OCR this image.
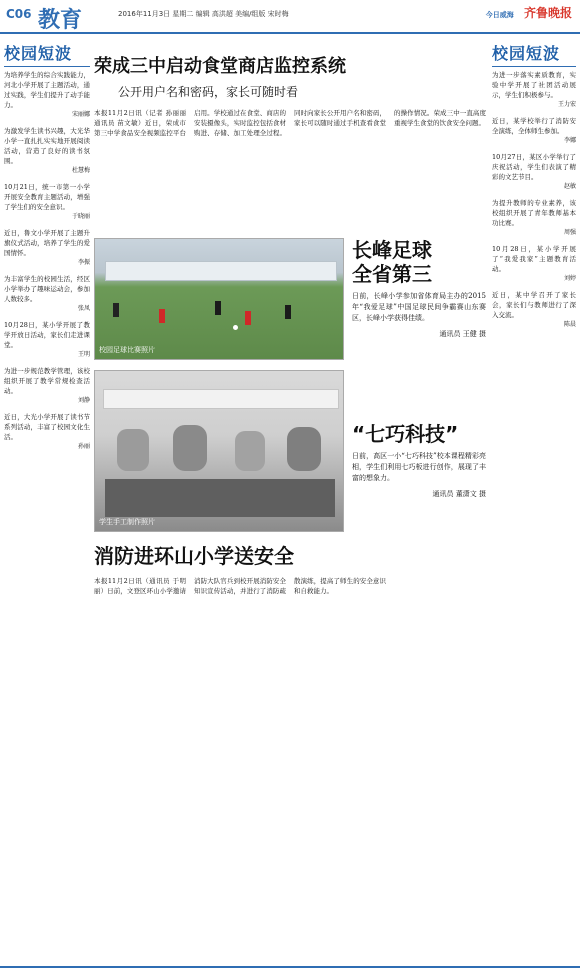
C06 教育	2016年11月3日 星期二 编辑 高洪超 美编/组版 宋时梅	今日威海 齐鲁晚报
校园短波
为培养学生的综合实践能力，河北小学开展了主题活动，通过实践，学生们提升了动手能力。
宋丽娜
为激发学生读书兴趣，大光华小学一直扎扎实实地开展阅读活动，营造了良好的读书氛围。
杜慧梅
10月21日，统一市第一小学开展安全教育主题活动，增强了学生们的安全意识。
于晓丽
近日，鲁文小学开展了主题升旗仪式活动，培养了学生的爱国情怀。
李振
为丰富学生的校园生活，经区小学举办了趣味运动会，参加人数较多。
张凤
10月28日，某小学开展了教学开放日活动，家长们走进课堂。
王明
为进一步规范教学管理，该校组织开展了教学常规检查活动。
刘静
近日，大光小学开展了读书节系列活动，丰富了校园文化生活。
孙丽
荣成三中启动食堂商店监控系统
公开用户名和密码，家长可随时看
本报11月2日讯（记者 孙丽丽 通讯员 苗文敏）近日，荣成市第三中学食品安全视频监控平台启用。学校通过在食堂、商店的安装摄像头，实时监控包括食材购进、存储、加工处理全过程。同时向家长公开用户名和密码，家长可以随时通过手机查看食堂的操作情况。荣成三中一直高度重视学生食堂的饮食安全问题。
校园足球比赛照片
长峰足球
全省第三
日前，长峰小学参加省体育局主办的2015年“我爱足球”中国足球民间争霸赛山东赛区，长峰小学获得佳绩。
通讯员 王健 摄
学生手工制作照片
“七巧科技”
日前，高区一小“七巧科技”校本课程精彩亮相，学生们利用七巧板进行创作，展现了丰富的想象力。
通讯员 董潇文 摄
消防进环山小学送安全
本报11月2日讯（通讯员 于明丽）日前，文登区环山小学邀请消防大队官兵到校开展消防安全知识宣传活动，并进行了消防疏散演练，提高了师生的安全意识和自救能力。
校园短波
为进一步落实素质教育，实验中学开展了社团活动展示，学生们积极参与。
王力宏
近日，某学校举行了消防安全演练，全体师生参加。
李娜
10月27日，某区小学举行了庆祝活动，学生们表演了精彩的文艺节目。
赵敏
为提升教师的专业素养，该校组织开展了青年教师基本功比赛。
周强
10月28日，某小学开展了“我爱我家”主题教育活动。
刘婷
近日，某中学召开了家长会，家长们与教师进行了深入交流。
陈晨
